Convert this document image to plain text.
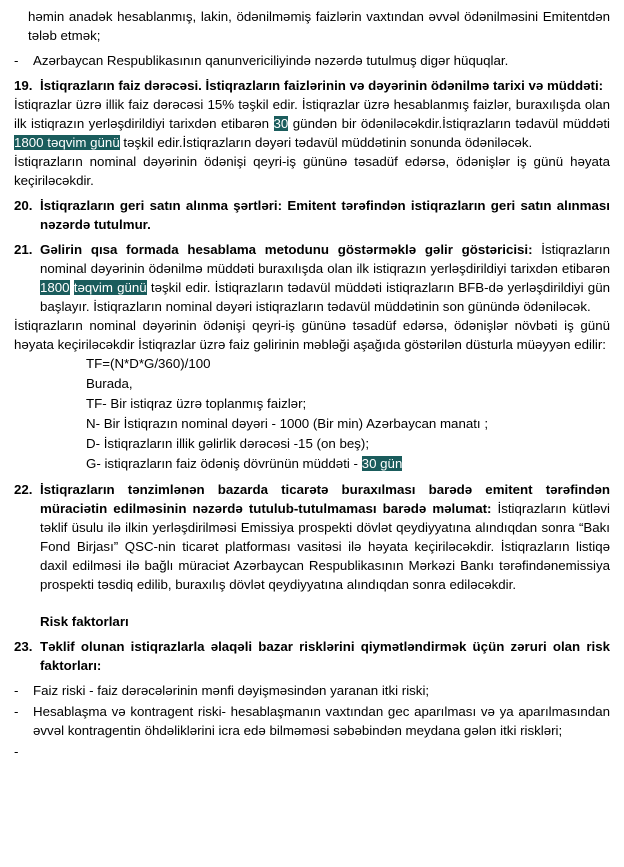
həmin anadək hesablanmış, lakin, ödənilməmiş faizlərin vaxtından əvvəl ödənilməsini Emitentdən tələb etmək;

- Azərbaycan Respublikasının qanunvericiliyində nəzərdə tutulmuş digər hüquqlar.
19. İstiqrazların faiz dərəcəsi. İstiqrazların faizlərinin və dəyərinin ödənilmə tarixi və müddəti:

İstiqrazlar üzrə illik faiz dərəcəsi 15% təşkil edir. İstiqrazlar üzrə hesablanmış faizlər, buraxılışda olan ilk istiqrazın yerləşdirildiyi tarixdən etibarən 30 gündən bir ödəniləcəkdir.İstiqrazların tədavül müddəti 1800 təqvim günü təşkil edir.İstiqrazların dəyəri tədavül müddətinin sonunda ödəniləcək.

İstiqrazların nominal dəyərinin ödənişi qeyri-iş gününə təsadüf edərsə, ödənişlər iş günü həyata keçiriləcəkdir.

20. İstiqrazların geri satın alınma şərtləri: Emitent tərəfindən istiqrazların geri satın alınması nəzərdə tutulmur.
21. Gəlirin qısa formada hesablama metodunu göstərməklə gəlir göstəricisi: İstiqrazların nominal dəyərinin ödənilmə müddəti buraxılışda olan ilk istiqrazın yerləşdirildiyi tarixdən etibarən 1800 təqvim günü təşkil edir. İstiqrazların tədavül müddəti istiqrazların BFB-də yerləşdirildiyi gün başlayır. İstiqrazların nominal dəyəri istiqrazların tədavül müddətinin son günündə ödəniləcək.

İstiqrazların nominal dəyərinin ödənişi qeyri-iş gününə təsadüf edərsə, ödənişlər növbəti iş günü həyata keçiriləcəkdir İstiqrazlar üzrə faiz gəlirinin məbləği aşağıda göstərilən düsturla müəyyən edilir:

TF=(N*D*G/360)/100

Burada,

TF- Bir istiqraz üzrə toplanmış faizlər;

N- Bir İstiqrazın nominal dəyəri - 1000 (Bir min) Azərbaycan manatı ;

D- İstiqrazların illik gəlirlik dərəcəsi -15 (on beş);

G- istiqrazların faiz ödəniş dövrünün müddəti - 30 gün

22. İstiqrazların tənzimlənən bazarda ticarətə buraxılması barədə emitent tərəfindən müraciətin edilməsinin nəzərdə tutulub-tutulmaması barədə məlumat: İstiqrazların kütləvi təklif üsulu ilə ilkin yerləşdirilməsi Emissiya prospekti dövlət qeydiyyatına alındıqdan sonra “Bakı Fond Birjası” QSC-nin ticarət platforması vasitəsi ilə həyata keçiriləcəkdir. İstiqrazların listiqə daxil edilməsi ilə bağlı müraciət Azərbaycan Respublikasının Mərkəzi Bankı tərəfindənemissiya prospekti təsdiq edilib, buraxılış dövlət qeydiyyatına alındıqdan sonra ediləcəkdir.

Risk faktorları

23. Təklif olunan istiqrazlarla əlaqəli bazar risklərini qiymətləndirmək üçün zəruri olan risk faktorları:
- Faiz riski - faiz dərəcələrinin mənfi dəyişməsindən yaranan itki riski;
- Hesablaşma və kontragent riski- hesablaşmanın vaxtından gec aparılması və ya aparılmasından əvvəl kontragentin öhdəliklərini icra edə bilməməsi səbəbindən meydana gələn itki riskləri;
-
